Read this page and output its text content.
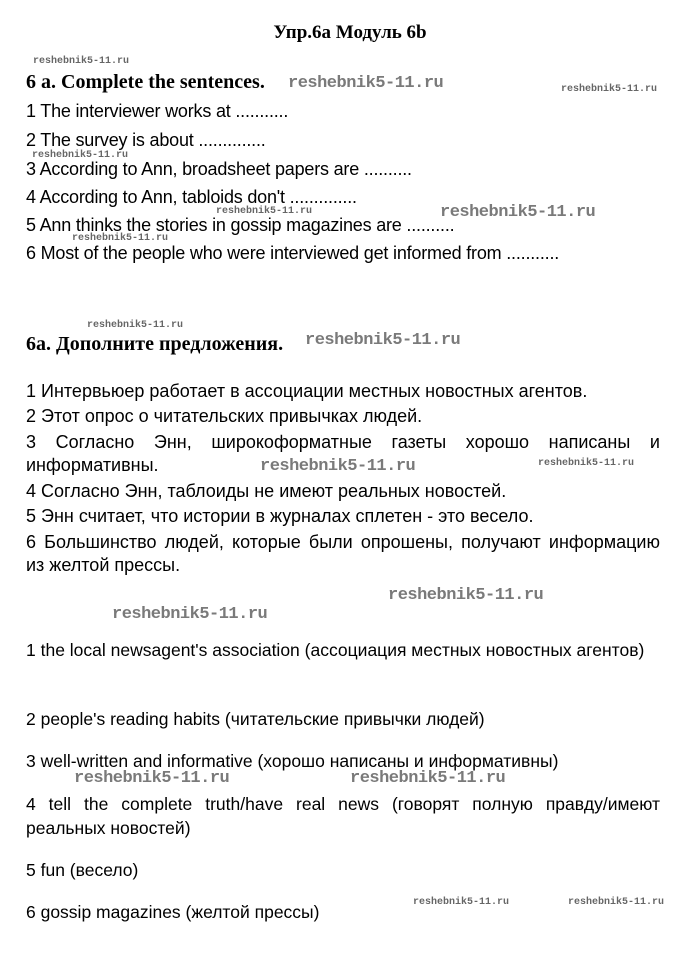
Упр.6а Модуль 6b
6 a. Complete the sentences.
1 The interviewer works at ...........
2 The survey is about ..............
3 According to Ann, broadsheet papers are ..........
4 According to Ann, tabloids don't ..............
5 Ann thinks the stories in gossip magazines are ..........
6 Most of the people who were interviewed get informed from ...........
6а. Дополните предложения.
1 Интервьюер работает в ассоциации местных новостных агентов.
2 Этот опрос о читательских привычках людей.
3 Согласно Энн, широкоформатные газеты хорошо написаны и информативны.
4 Согласно Энн, таблоиды не имеют реальных новостей.
5 Энн считает, что истории в журналах сплетен - это весело.
6 Большинство людей, которые были опрошены, получают информацию из желтой прессы.
1 the local newsagent's association (ассоциация местных новостных агентов)
2 people's reading habits (читательские привычки людей)
3 well-written and informative (хорошо написаны и информативны)
4 tell the complete truth/have real news (говорят полную правду/имеют реальных новостей)
5 fun (весело)
6 gossip magazines (желтой прессы)
reshebnik5-11.ru
reshebnik5-11.ru	reshebnik5-11.ru
reshebnik5-11.ru
reshebnik5-11.ru	reshebnik5-11.ru
reshebnik5-11.ru
reshebnik5-11.ru
reshebnik5-11.ru
reshebnik5-11.ru	reshebnik5-11.ru
reshebnik5-11.ru
reshebnik5-11.ru
reshebnik5-11.ru	reshebnik5-11.ru
reshebnik5-11.ru	reshebnik5-11.ru
